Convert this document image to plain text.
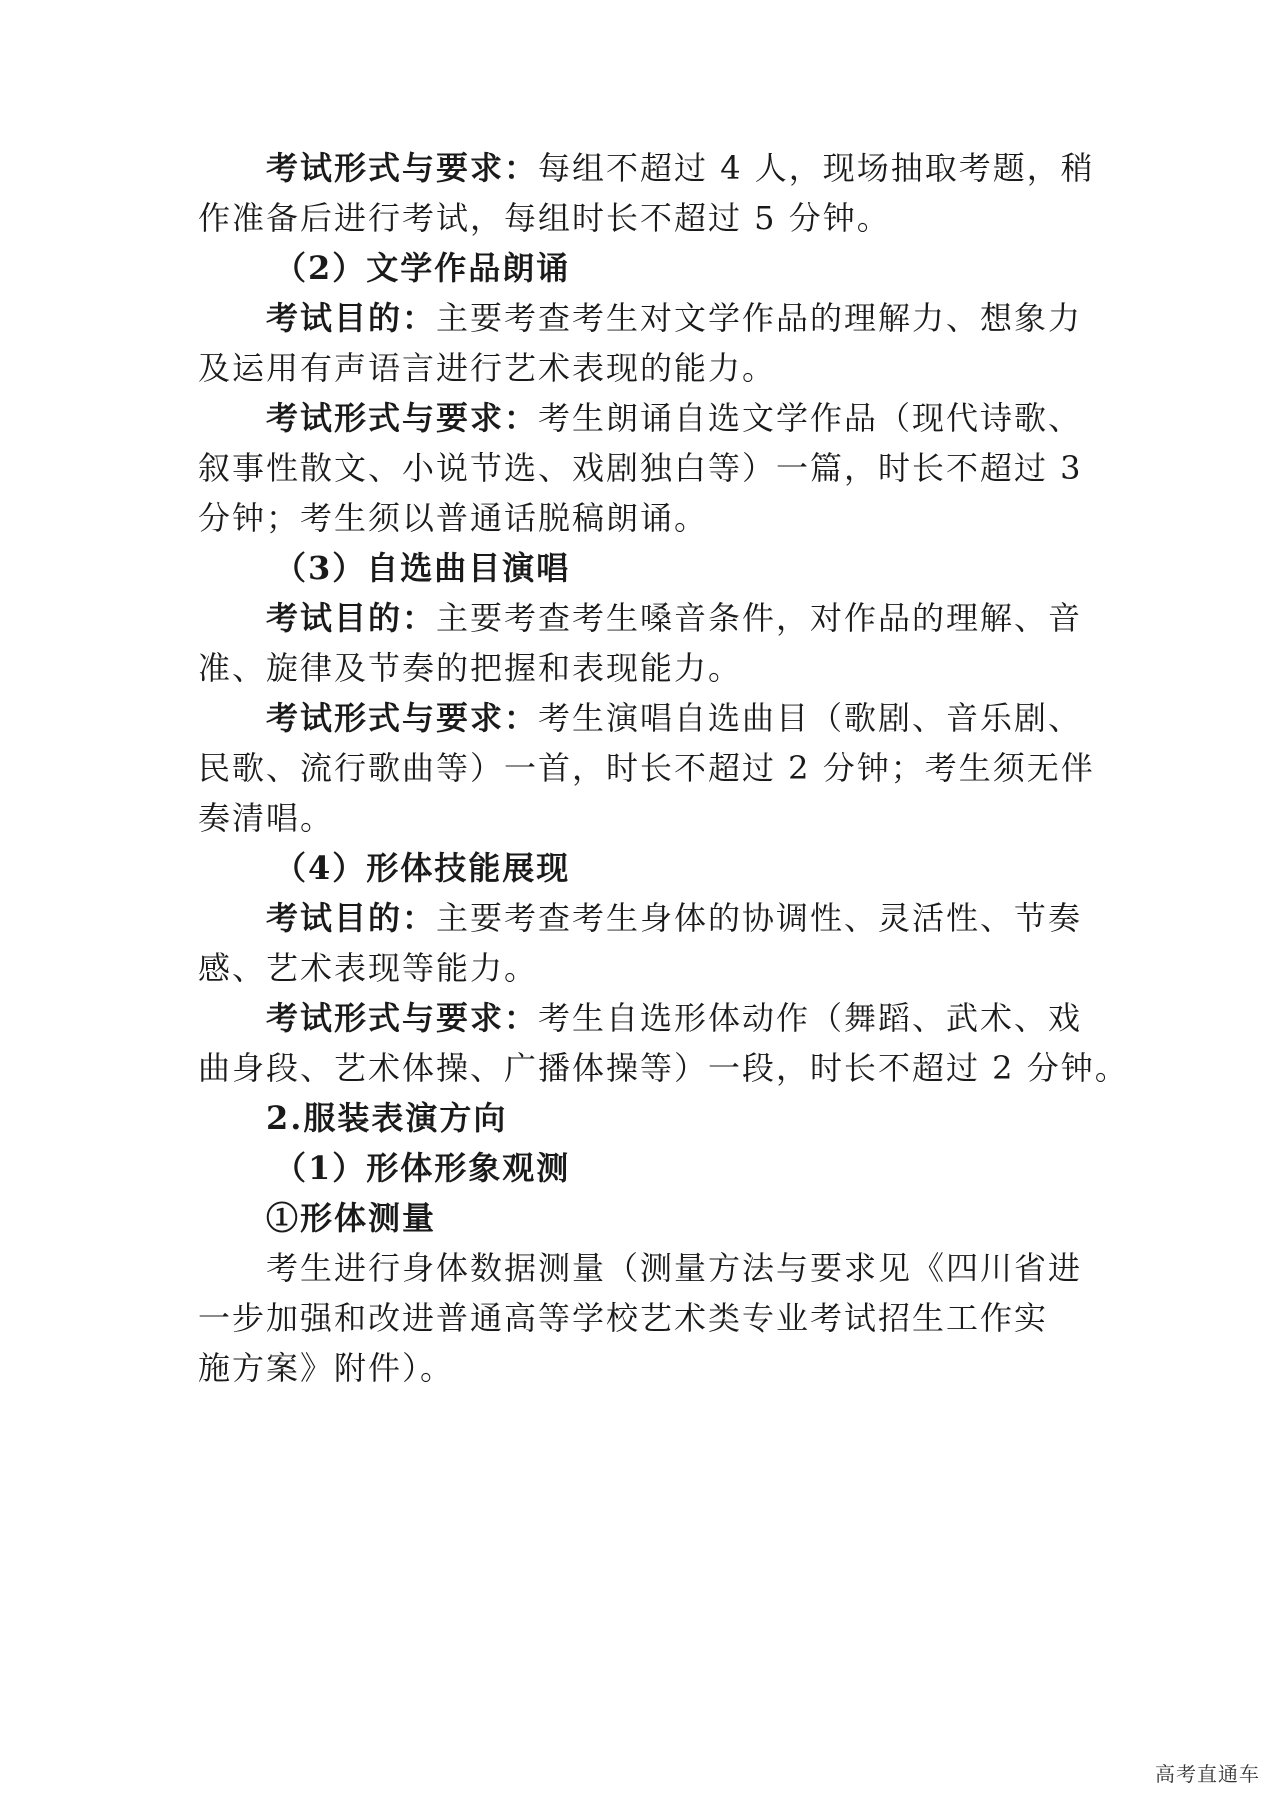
考试形式与要求：每组不超过 4 人，现场抽取考题，稍
作准备后进行考试，每组时长不超过 5 分钟。
（2）文学作品朗诵
考试目的：主要考查考生对文学作品的理解力、想象力
及运用有声语言进行艺术表现的能力。
考试形式与要求：考生朗诵自选文学作品（现代诗歌、
叙事性散文、小说节选、戏剧独白等）一篇，时长不超过 3
分钟；考生须以普通话脱稿朗诵。
（3）自选曲目演唱
考试目的：主要考查考生嗓音条件，对作品的理解、音
准、旋律及节奏的把握和表现能力。
考试形式与要求：考生演唱自选曲目（歌剧、音乐剧、
民歌、流行歌曲等）一首，时长不超过 2 分钟；考生须无伴
奏清唱。
（4）形体技能展现
考试目的：主要考查考生身体的协调性、灵活性、节奏
感、艺术表现等能力。
考试形式与要求：考生自选形体动作（舞蹈、武术、戏
曲身段、艺术体操、广播体操等）一段，时长不超过 2 分钟。
2.服装表演方向
（1）形体形象观测
①形体测量
考生进行身体数据测量（测量方法与要求见《四川省进
一步加强和改进普通高等学校艺术类专业考试招生工作实
施方案》附件）。
高考直通车
